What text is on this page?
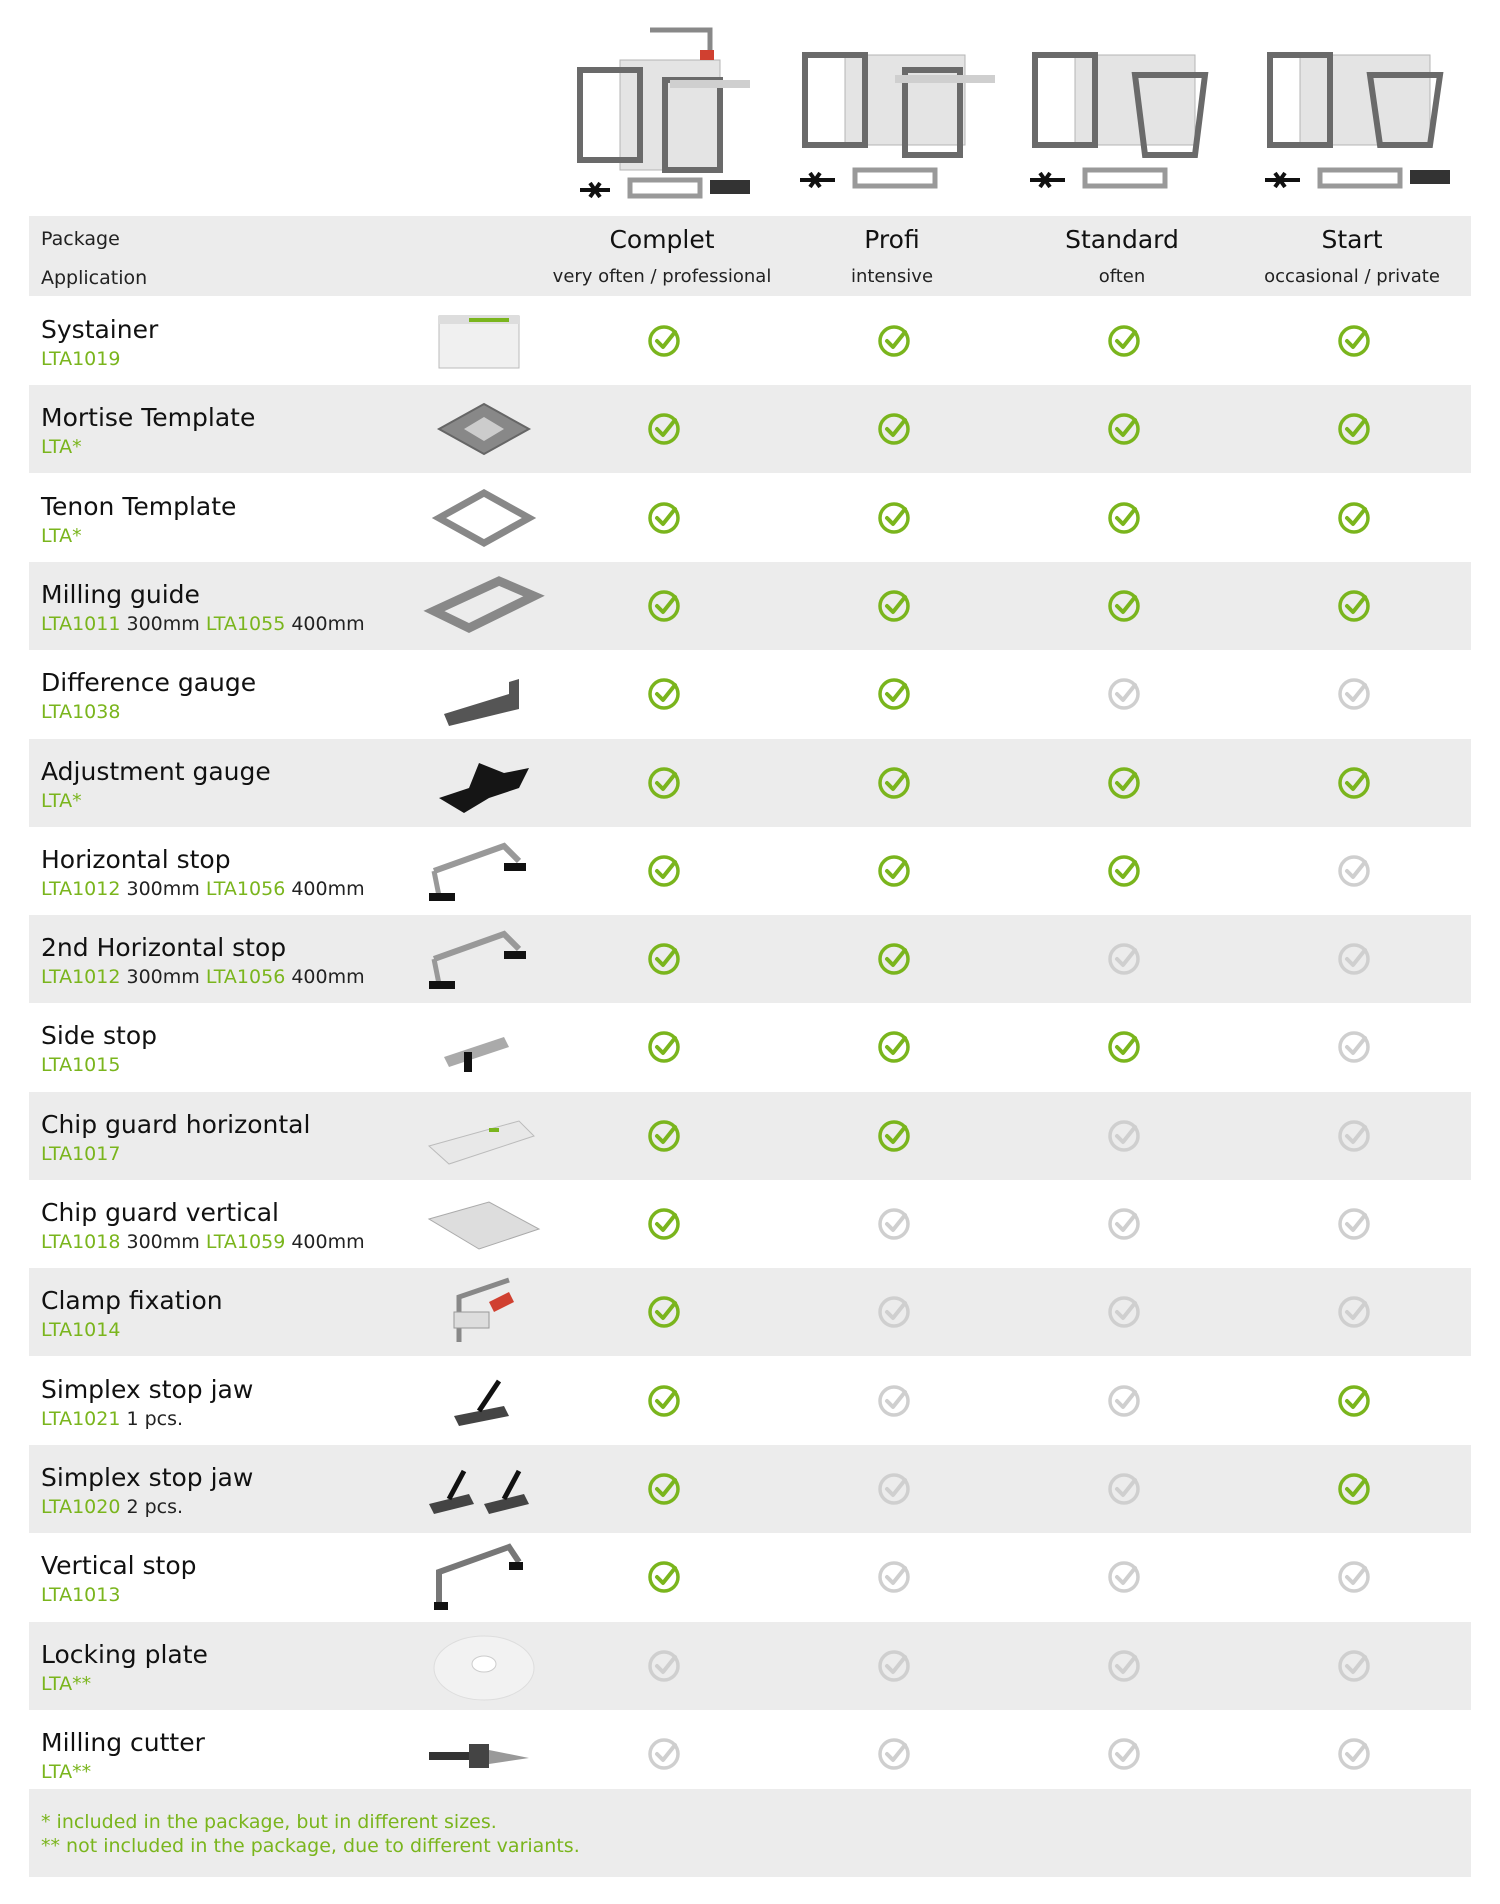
Package
Application
Complet
very often / professional
Profi
intensive
Standard
often
Start
occasional / private
Systainer
LTA1019
Mortise Template
LTA*
Tenon Template
LTA*
Milling guide
LTA1011 300mm LTA1055 400mm
Difference gauge
LTA1038
Adjustment gauge
LTA*
Horizontal stop
LTA1012 300mm LTA1056 400mm
2nd Horizontal stop
LTA1012 300mm LTA1056 400mm
Side stop
LTA1015
Chip guard horizontal
LTA1017
Chip guard vertical
LTA1018 300mm LTA1059 400mm
Clamp fixation
LTA1014
Simplex stop jaw
LTA1021 1 pcs.
Simplex stop jaw
LTA1020 2 pcs.
Vertical stop
LTA1013
Locking plate
LTA**
Milling cutter
LTA**
* included in the package, but in different sizes.
** not included in the package, due to different variants.
